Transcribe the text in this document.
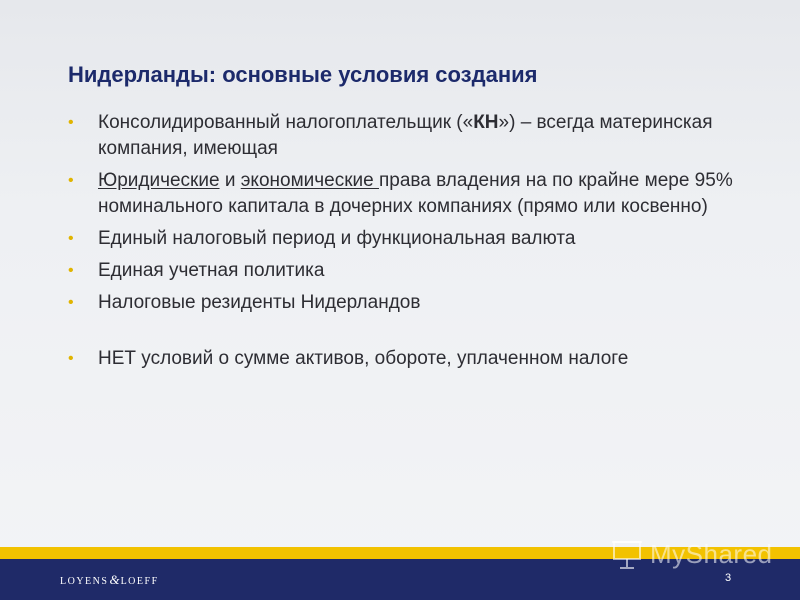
Нидерланды: основные условия создания
• Консолидированный налогоплательщик («КН») – всегда материнская компания, имеющая
• Юридические и экономические права владения на по крайне мере 95% номинального капитала в дочерних компаниях (прямо или косвенно)
• Единый налоговый период и функциональная валюта
• Единая учетная политика
• Налоговые резиденты Нидерландов
• НЕТ условий о сумме активов, обороте, уплаченном налоге
LOYENS&LOEFF	3
MyShared
